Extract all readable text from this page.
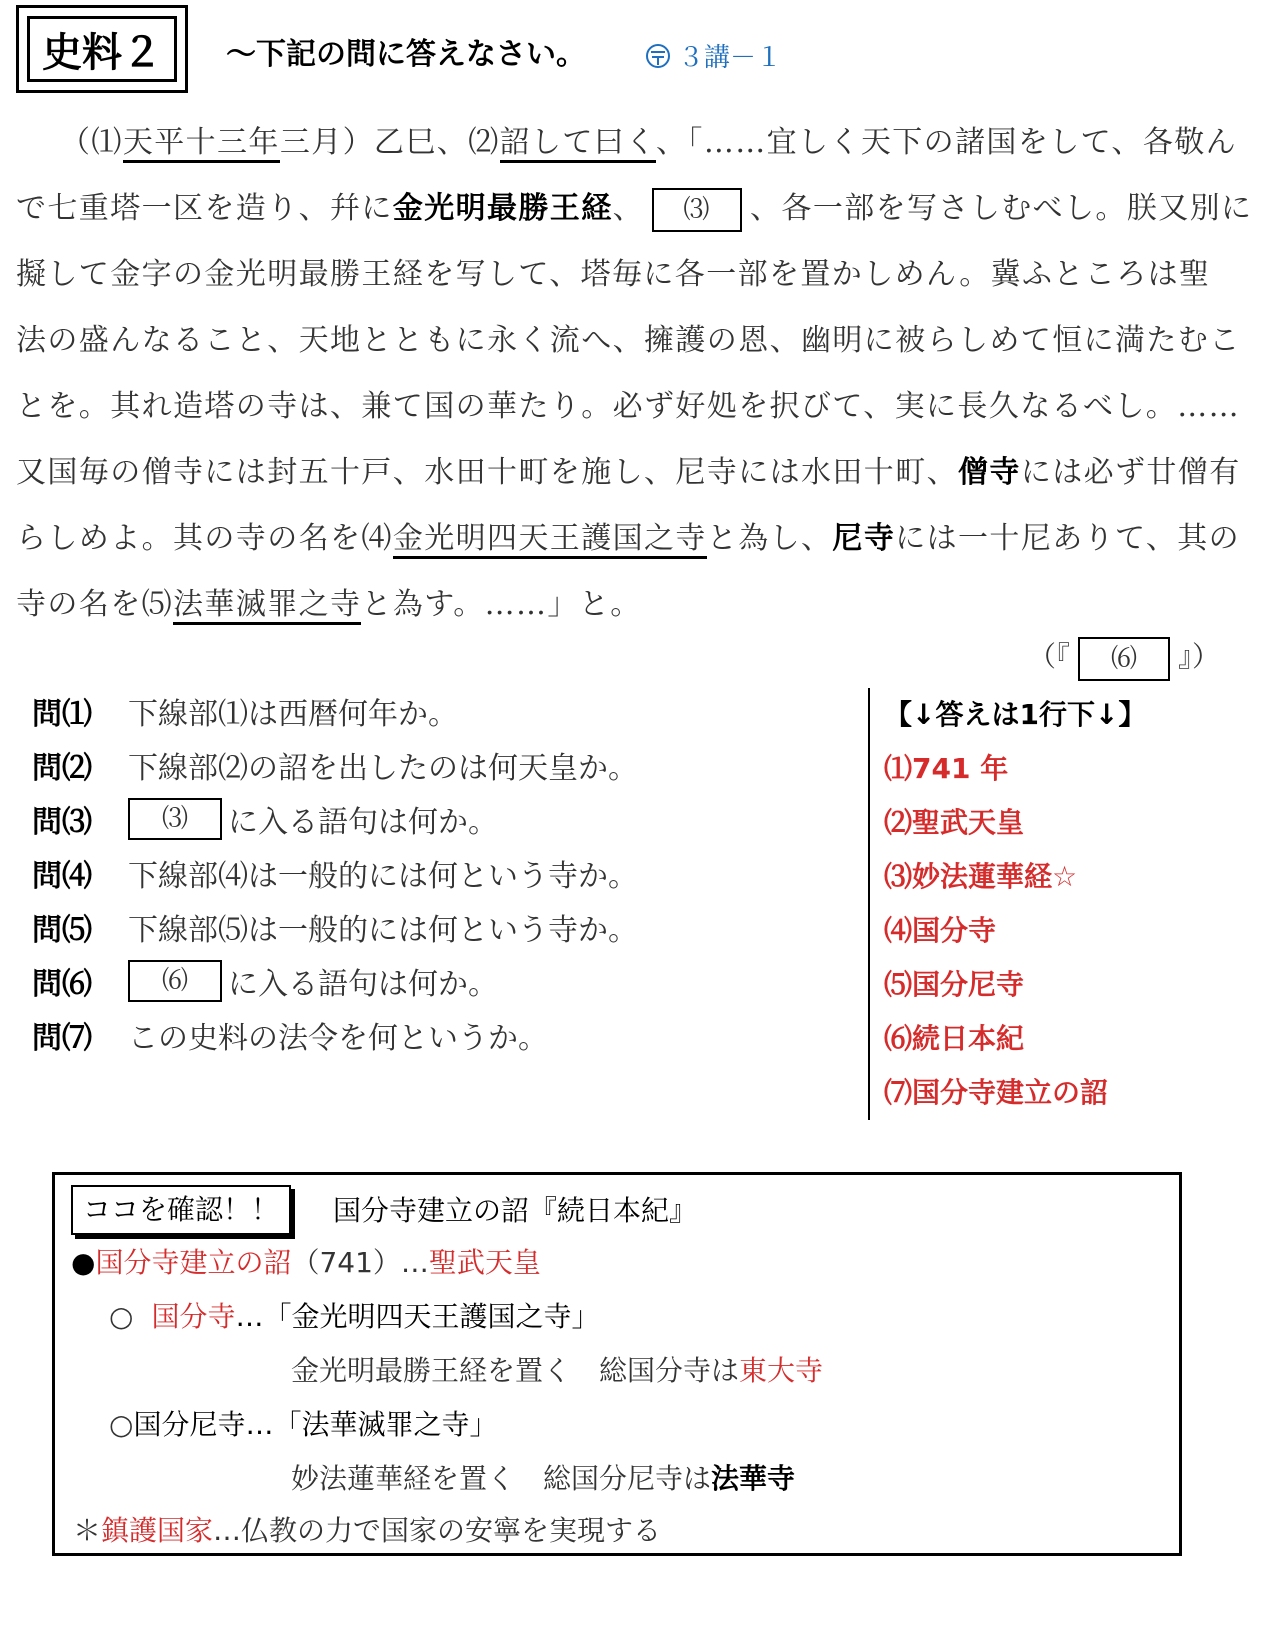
史料２	～下記の問に答えなさい。	３講－１
（⑴天平十三年三月）乙巳、⑵詔して曰く、「……宜しく天下の諸国をして、各敬ん
で七重塔一区を造り、幷に金光明最勝王経、 ⑶ 、各一部を写さしむべし。朕又別に
擬して金字の金光明最勝王経を写して、塔毎に各一部を置かしめん。冀ふところは聖
法の盛んなること、天地とともに永く流へ、擁護の恩、幽明に被らしめて恒に満たむこ
とを。其れ造塔の寺は、兼て国の華たり。必ず好処を択びて、実に長久なるべし。……
又国毎の僧寺には封五十戸、水田十町を施し、尼寺には水田十町、僧寺には必ず廿僧有
らしめよ。其の寺の名を⑷金光明四天王護国之寺と為し、尼寺には一十尼ありて、其の
寺の名を⑸法華滅罪之寺と為す。……」と。
（『 ⑹ 』）
問⑴	下線部⑴は西暦何年か。
問⑵	下線部⑵の詔を出したのは何天皇か。
問⑶	⑶	に入る語句は何か。
問⑷	下線部⑷は一般的には何という寺か。
問⑸	下線部⑸は一般的には何という寺か。
問⑹	⑹	に入る語句は何か。
問⑺	この史料の法令を何というか。
【↓答えは1行下↓】
⑴741 年
⑵聖武天皇
⑶妙法蓮華経☆
⑷国分寺
⑸国分尼寺
⑹続日本紀
⑺国分寺建立の詔
ココを確認！！	国分寺建立の詔『続日本紀』
●国分寺建立の詔（741）…聖武天皇
○ 国分寺…「金光明四天王護国之寺」
金光明最勝王経を置く　総国分寺は東大寺
○国分尼寺…「法華滅罪之寺」
妙法蓮華経を置く　総国分尼寺は法華寺
＊鎮護国家…仏教の力で国家の安寧を実現する
